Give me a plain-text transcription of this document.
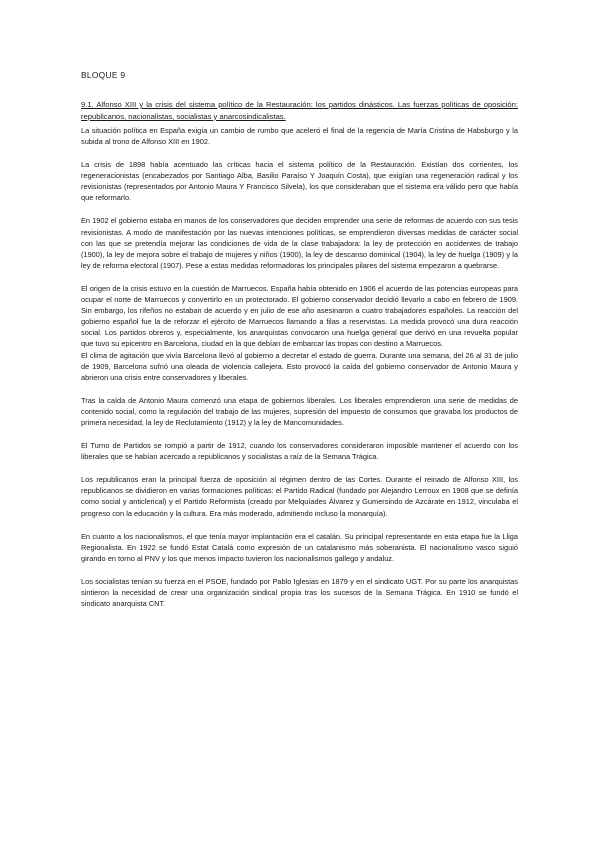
BLOQUE 9
9.1. Alfonso XIII y la crisis del sistema político de la Restauración: los partidos dinásticos. Las fuerzas políticas de oposición: republicanos, nacionalistas, socialistas y anarcosindicalistas.

La situación política en España exigía un cambio de rumbo que aceleró el final de la regencia de María Cristina de Habsburgo y la subida al trono de Alfonso XIII en 1902.

La crisis de 1898 había acentuado las críticas hacia el sistema político de la Restauración. Existían dos corrientes, los regeneracionistas (encabezados por Santiago Alba, Basilio Paraíso Y Joaquín Costa), que exigían una regeneración radical y los revisionistas (representados por Antonio Maura Y Francisco Silvela), los que consideraban que el sistema era válido pero que había que reformarlo.

En 1902 el gobierno estaba en manos de los conservadores que deciden emprender una serie de reformas de acuerdo con sus tesis revisionistas. A modo de manifestación por las nuevas intenciones políticas, se emprendieron diversas medidas de carácter social con las que se pretendía mejorar las condiciones de vida de la clase trabajadora: la ley de protección en accidentes de trabajo (1900), la ley de mejora sobre el trabajo de mujeres y niños (1900), la ley de descanso dominical (1904), la ley de huelga (1909) y la ley de reforma electoral (1907). Pese a estas medidas reformadoras los principales pilares del sistema empezaron a quebrarse.

El origen de la crisis estuvo en la cuestión de Marruecos. España había obtenido en 1906 el acuerdo de las potencias europeas para ocupar el norte de Marruecos y convertirlo en un protectorado. El gobierno conservador decidió llevarlo a cabo en febrero de 1909. Sin embargo, los rifeños no estaban de acuerdo y en julio de ese año asesinaron a cuatro trabajadores españoles. La reacción del gobierno español fue la de reforzar el ejército de Marruecos llamando a filas a reservistas. La medida provocó una dura reacción social. Los partidos obreros y, especialmente, los anarquistas convocaron una huelga general que derivó en una revuelta popular que tuvo su epicentro en Barcelona, ciudad en la que debían de embarcar las tropas con destino a Marruecos.

El clima de agitación que vivía Barcelona llevó al gobierno a decretar el estado de guerra. Durante una semana, del 26 al 31 de julio de 1909, Barcelona sufrió una oleada de violencia callejera. Esto provocó la caída del gobierno conservador de Antonio Maura y abrieron una crisis entre conservadores y liberales.

Tras la caída de Antonio Maura comenzó una etapa de gobiernos liberales. Los liberales emprendieron una serie de medidas de contenido social, como la regulación del trabajo de las mujeres, supresión del impuesto de consumos que gravaba los productos de primera necesidad, la ley de Reclutamiento (1912) y la ley de Mancomunidades.

El Turno de Partidos se rompió a partir de 1912, cuando los conservadores consideraron imposible mantener el acuerdo con los liberales que se habían acercado a republicanos y socialistas a raíz de la Semana Trágica.

Los republicanos eran la principal fuerza de oposición al régimen dentro de las Cortes. Durante el reinado de Alfonso XIII, los republicanos se dividieron en varias formaciones políticas: el Partido Radical (fundado por Alejandro Lerroux en 1908 que se definía como social y anticlerical) y el Partido Reformista (creado por Melquíades Álvarez y Gumersindo de Azcárate en 1912, vinculaba el progreso con la educación y la cultura. Era más moderado, admitiendo incluso la monarquía).

En cuanto a los nacionalismos, el que tenía mayor implantación era el catalán. Su principal representante en esta etapa fue la Lliga Regionalista. En 1922 se fundó Estat Català como expresión de un catalanismo más soberanista. El nacionalismo vasco siguió girando en torno al PNV y los que menos impacto tuvieron los nacionalismos gallego y andaluz.

Los socialistas tenían su fuerza en el PSOE, fundado por Pablo Iglesias en 1879 y en el sindicato UGT. Por su parte los anarquistas sintieron la necesidad de crear una organización sindical propia tras los sucesos de la Semana Trágica. En 1910 se fundó el sindicato anarquista CNT.
